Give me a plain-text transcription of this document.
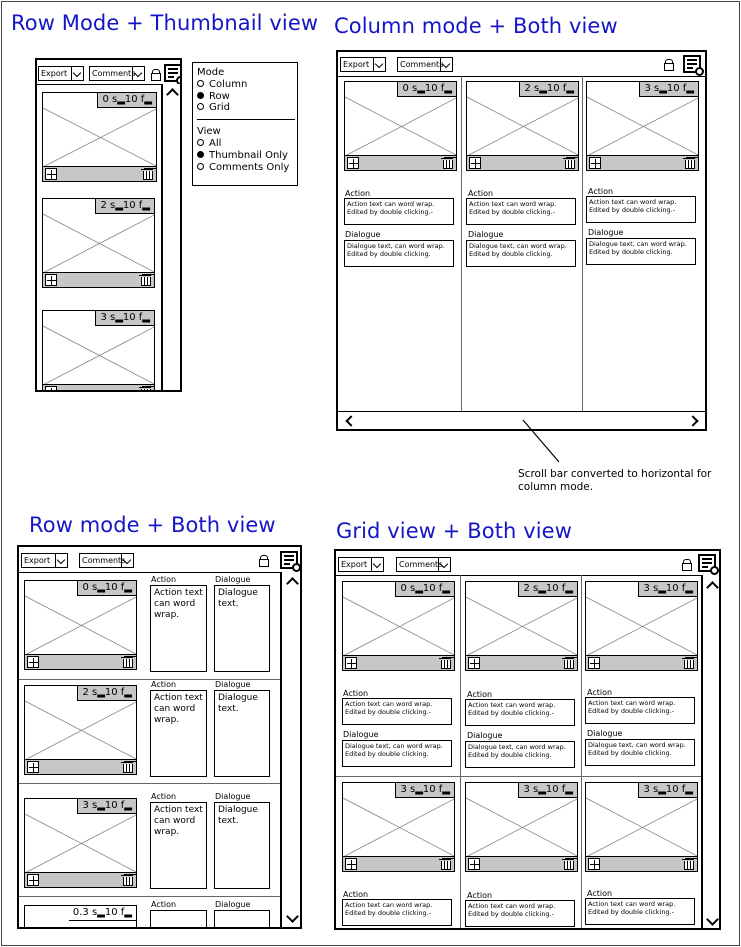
Row Mode + Thumbnail view Column mode + Both view
Row mode + Both view	Grid view + Both view
Export	Comments
0 s▂10 f▂
2 s▂10 f▂
3 s▂10 f▂
Mode
Column
Row
Grid
View
All
Thumbnail Only
Comments Only
Export	Comments
0 s▂10 f▂
Action
Action text can word wrap. Edited by double clicking.-
Dialogue
Dialogue text, can word wrap. Edited by double clicking.
2 s▂10 f▂
Action
Action text can word wrap. Edited by double clicking.-
Dialogue
Dialogue text, can word wrap. Edited by double clicking.
3 s▂10 f▂
Action
Action text can word wrap. Edited by double clicking.-
Dialogue
Dialogue text, can word wrap. Edited by double clicking.
Scroll bar converted to horizontal for column mode.
Export	Comments
0 s▂10 f▂
Action
Action text can word wrap.
Dialogue
Dialogue text.
2 s▂10 f▂
Action
Action text can word wrap.
Dialogue
Dialogue text.
3 s▂10 f▂
Action
Action text can word wrap.
Dialogue
Dialogue text.
0.3 s▂10 f▂
Action	Dialogue
Export	Comments
0 s▂10 f▂
Action
Action text can word wrap. Edited by double clicking.-
Dialogue
Dialogue text, can word wrap. Edited by double clicking.
2 s▂10 f▂
Action
Action text can word wrap. Edited by double clicking.-
Dialogue
Dialogue text, can word wrap. Edited by double clicking.
3 s▂10 f▂
Action
Action text can word wrap. Edited by double clicking.-
Dialogue
Dialogue text, can word wrap. Edited by double clicking.
3 s▂10 f▂
Action
Action text can word wrap. Edited by double clicking.-
3 s▂10 f▂
Action
Action text can word wrap. Edited by double clicking.-
3 s▂10 f▂
Action
Action text can word wrap. Edited by double clicking.-
